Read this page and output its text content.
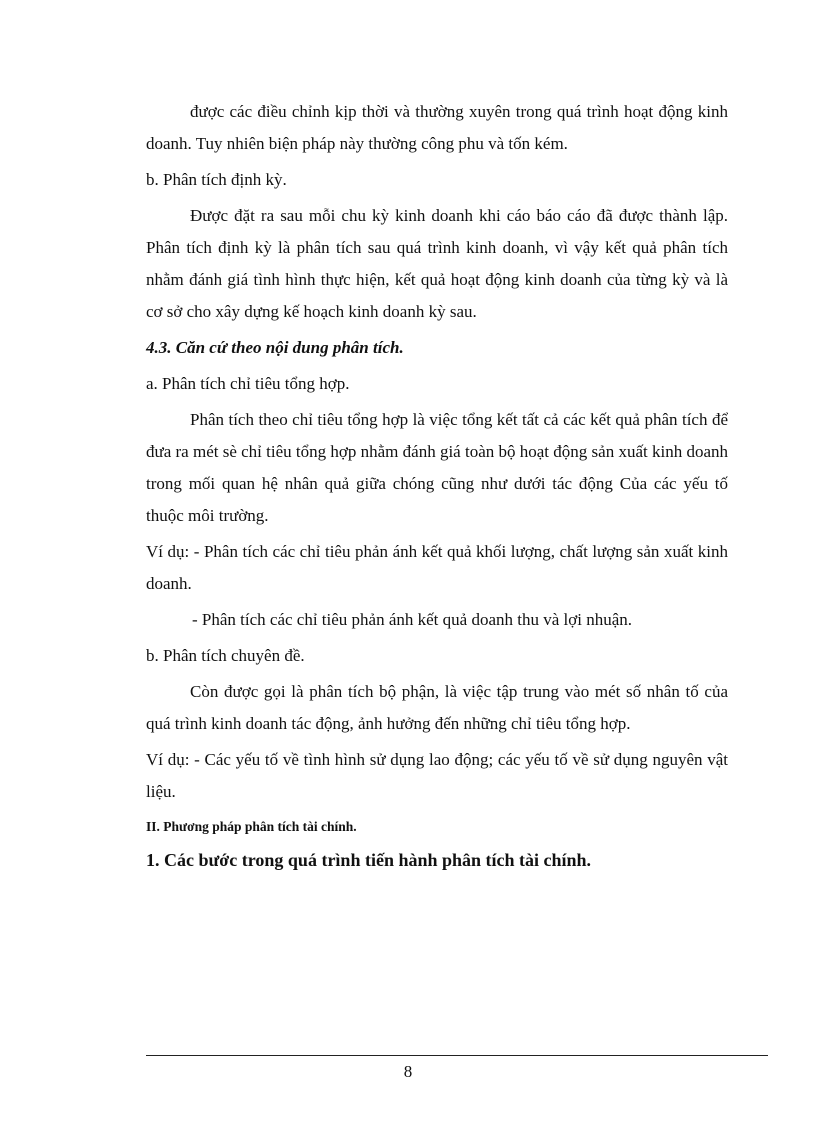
được các điều chỉnh kịp thời và thường xuyên trong quá trình hoạt động kinh doanh. Tuy nhiên biện pháp này thường công phu và tốn kém.

b. Phân tích định kỳ.

Được đặt ra sau mỗi chu kỳ kinh doanh khi cáo báo cáo đã được thành lập. Phân tích định kỳ là phân tích sau quá trình kinh doanh, vì vậy kết quả phân tích nhằm đánh giá tình hình thực hiện, kết quả hoạt động kinh doanh của từng kỳ và là cơ sở cho xây dựng kế hoạch kinh doanh kỳ sau.

4.3. Căn cứ theo nội dung phân tích.

a. Phân tích chỉ tiêu tổng hợp.

Phân tích theo chỉ tiêu tổng hợp là việc tổng kết tất cả các kết quả phân tích để đưa ra mét sè chỉ tiêu tổng hợp nhằm đánh giá toàn bộ hoạt động sản xuất kinh doanh trong mối quan hệ nhân quả giữa chóng cũng như dưới tác động Của các yếu tố thuộc môi trường.

Ví dụ: - Phân tích các chỉ tiêu phản ánh kết quả khối lượng, chất lượng sản xuất kinh doanh.

- Phân tích các chỉ tiêu phản ánh kết quả doanh thu và lợi nhuận.

b. Phân tích chuyên đề.

Còn được gọi là phân tích bộ phận, là việc tập trung vào mét số nhân tố của quá trình kinh doanh tác động, ảnh hưởng đến những chỉ tiêu tổng hợp.

Ví dụ: - Các yếu tố về tình hình sử dụng lao động; các yếu tố về sử dụng nguyên vật liệu.

II. Phương pháp phân tích tài chính.

1. Các bước trong quá trình tiến hành phân tích tài chính.

8
